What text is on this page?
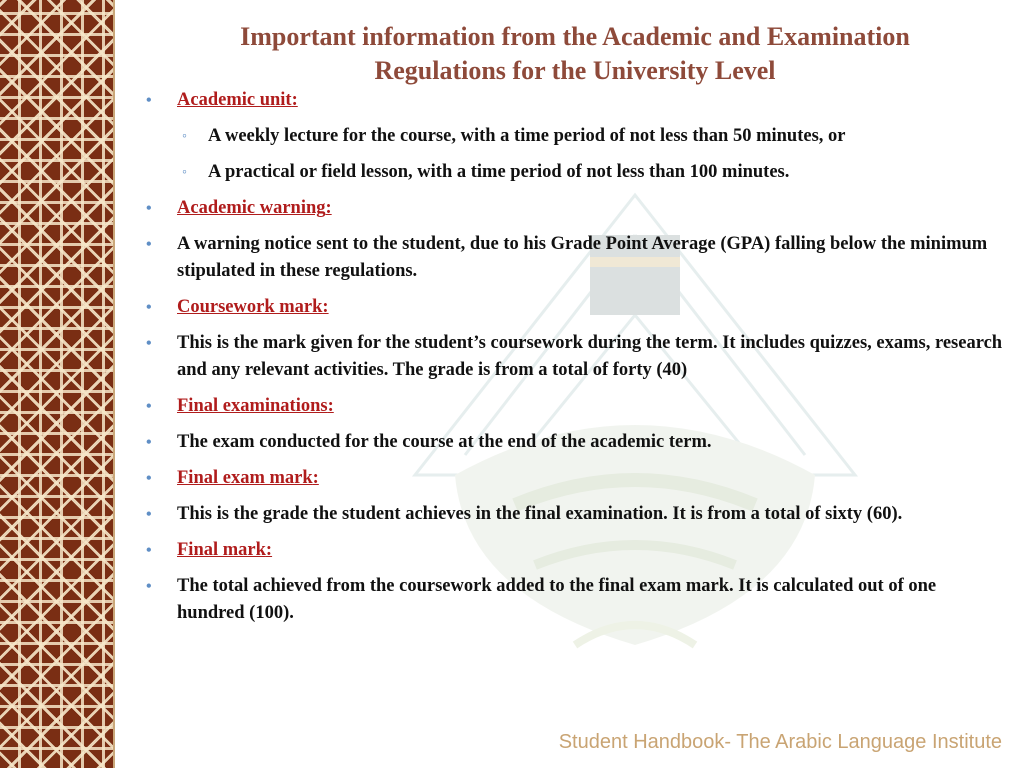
Important information from the Academic and Examination
Regulations for the University Level
• Academic unit:
◦ A weekly lecture for the course, with a time period of not less than 50 minutes, or
◦ A practical or field lesson, with a time period of not less than 100 minutes.
• Academic warning:
• A warning notice sent to the student, due to his Grade Point Average (GPA) falling below the minimum stipulated in these regulations.
• Coursework mark:
• This is the mark given for the student’s coursework during the term. It includes quizzes, exams, research and any relevant activities. The grade is from a total of forty (40)
• Final examinations:
• The exam conducted for the course at the end of the academic term.
• Final exam mark:
• This is the grade the student achieves in the final examination. It is from a total of sixty (60).
• Final mark:
• The total achieved from the coursework added to the final exam mark. It is calculated out of one hundred (100).
Student Handbook- The Arabic Language Institute
